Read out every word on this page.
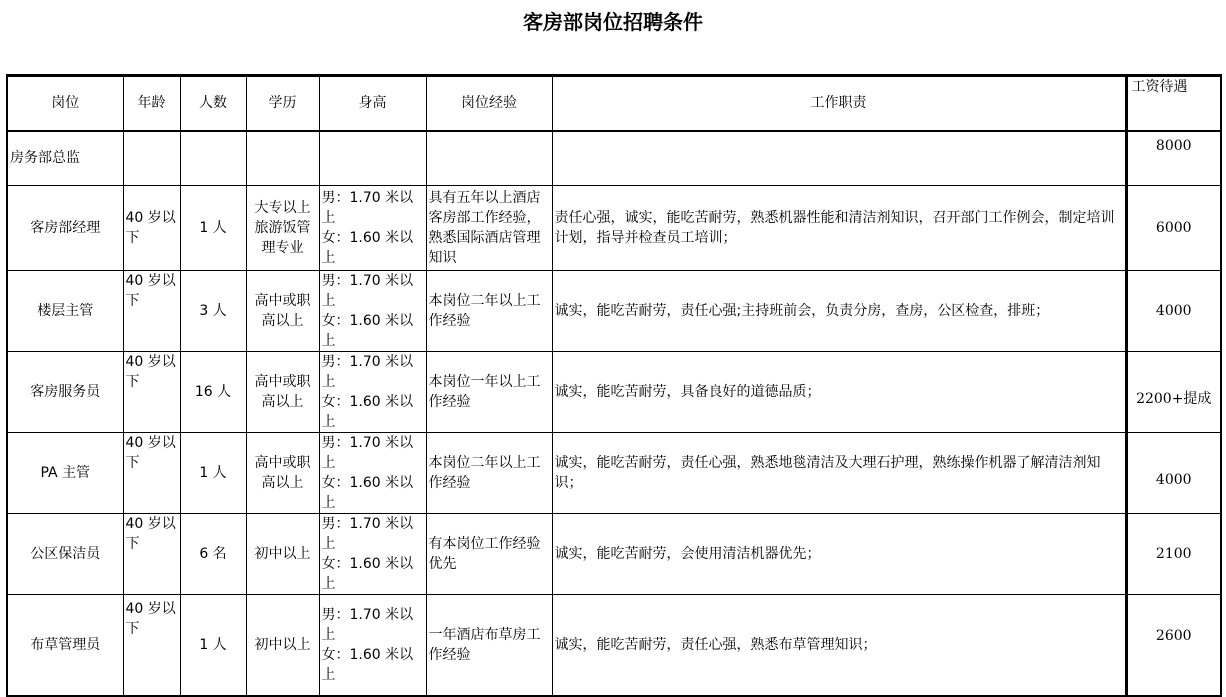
客房部岗位招聘条件
岗位	年龄	人数	学历	身高	岗位经验	工作职责	工资待遇
房务部总监							8000
客房部经理	40 岁以下	1 人	大专以上旅游饭管理专业	男：1.70 米以上
女：1.60 米以上	具有五年以上酒店客房部工作经验，熟悉国际酒店管理知识	责任心强，诚实，能吃苦耐劳，熟悉机器性能和清洁剂知识，召开部门工作例会，制定培训计划，指导并检查员工培训；	6000
楼层主管	40 岁以下	3 人	高中或职高以上	男：1.70 米以上
女：1.60 米以上	本岗位二年以上工作经验	诚实，能吃苦耐劳，责任心强;主持班前会，负责分房，查房，公区检查，排班；	4000
客房服务员	40 岁以下	16 人	高中或职高以上	男：1.70 米以上
女：1.60 米以上	本岗位一年以上工作经验	诚实，能吃苦耐劳，具备良好的道德品质；	2200+提成
PA 主管	40 岁以下	1 人	高中或职高以上	男：1.70 米以上
女：1.60 米以上	本岗位二年以上工作经验	诚实，能吃苦耐劳，责任心强，熟悉地毯清洁及大理石护理，熟练操作机器了解清洁剂知识；	4000
公区保洁员	40 岁以下	6 名	初中以上	男：1.70 米以上
女：1.60 米以上	有本岗位工作经验优先	诚实，能吃苦耐劳，会使用清洁机器优先；	2100
布草管理员	40 岁以下	1 人	初中以上	男：1.70 米以上
女：1.60 米以上	一年酒店布草房工作经验	诚实，能吃苦耐劳，责任心强，熟悉布草管理知识；	2600
